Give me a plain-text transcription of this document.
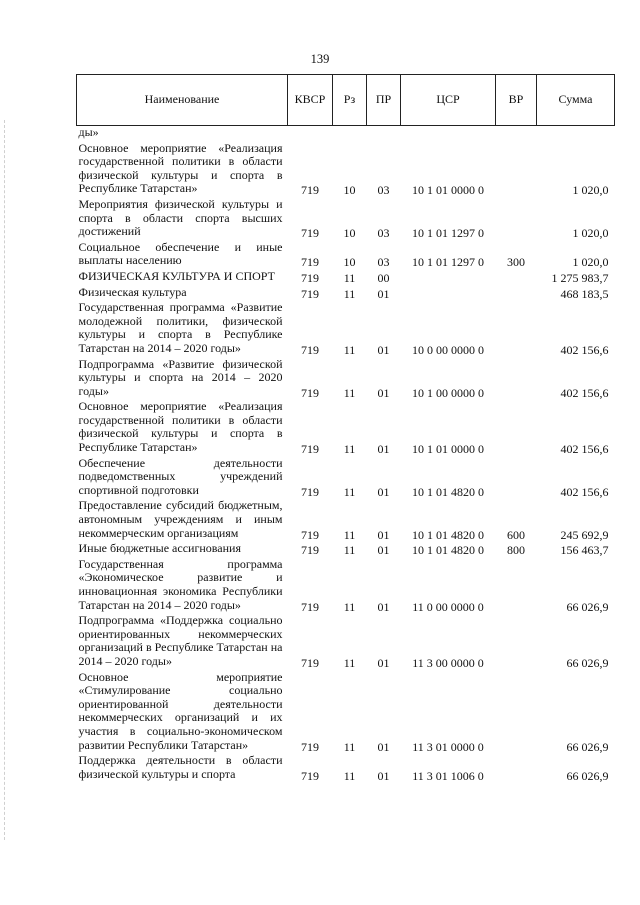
139
Наименование	КВСР	Рз	ПР	ЦСР	ВР	Сумма
ды»						
Основное мероприятие «Реализация государственной политики в области физической культуры и спорта в Республике Татарстан»	719	10	03	10 1 01 0000 0		1 020,0
Мероприятия физической культуры и спорта в области спорта высших достижений	719	10	03	10 1 01 1297 0		1 020,0
Социальное обеспечение и иные выплаты населению	719	10	03	10 1 01 1297 0	300	1 020,0
ФИЗИЧЕСКАЯ КУЛЬТУРА И СПОРТ	719	11	00			1 275 983,7
Физическая культура	719	11	01			468 183,5
Государственная программа «Развитие молодежной политики, физической культуры и спорта в Республике Татарстан на 2014 – 2020 годы»	719	11	01	10 0 00 0000 0		402 156,6
Подпрограмма «Развитие физической культуры и спорта на 2014 – 2020 годы»	719	11	01	10 1 00 0000 0		402 156,6
Основное мероприятие «Реализация государственной политики в области физической культуры и спорта в Республике Татарстан»	719	11	01	10 1 01 0000 0		402 156,6
Обеспечение деятельности подведомственных учреждений спортивной подготовки	719	11	01	10 1 01 4820 0		402 156,6
Предоставление субсидий бюджетным, автономным учреждениям и иным некоммерческим организациям	719	11	01	10 1 01 4820 0	600	245 692,9
Иные бюджетные ассигнования	719	11	01	10 1 01 4820 0	800	156 463,7
Государственная программа «Экономическое развитие и инновационная экономика Республики Татарстан на 2014 – 2020 годы»	719	11	01	11 0 00 0000 0		66 026,9
Подпрограмма «Поддержка социально ориентированных некоммерческих организаций в Республике Татарстан на 2014 – 2020 годы»	719	11	01	11 3 00 0000 0		66 026,9
Основное мероприятие «Стимулирование социально ориентированной деятельности некоммерческих организаций и их участия в социально-экономическом развитии Республики Татарстан»	719	11	01	11 3 01 0000 0		66 026,9
Поддержка деятельности в области физической культуры и спорта	719	11	01	11 3 01 1006 0		66 026,9
